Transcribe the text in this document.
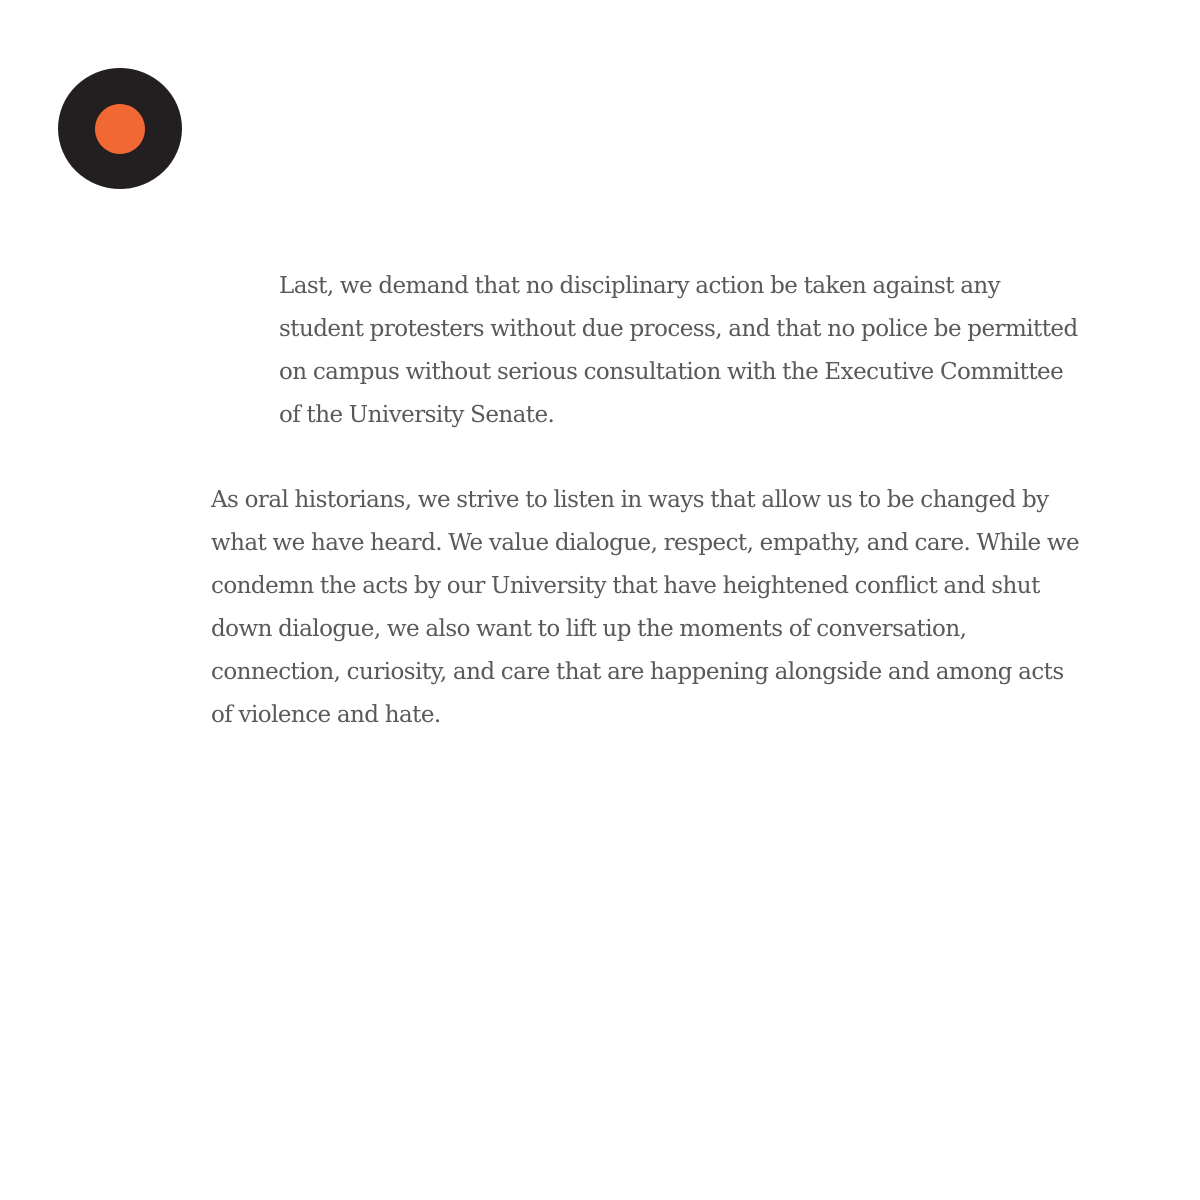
Last, we demand that no disciplinary action be taken against any
student protesters without due process, and that no police be permitted
on campus without serious consultation with the Executive Committee
of the University Senate.

As oral historians, we strive to listen in ways that allow us to be changed by
what we have heard. We value dialogue, respect, empathy, and care. While we
condemn the acts by our University that have heightened conflict and shut
down dialogue, we also want to lift up the moments of conversation,
connection, curiosity, and care that are happening alongside and among acts
of violence and hate.
